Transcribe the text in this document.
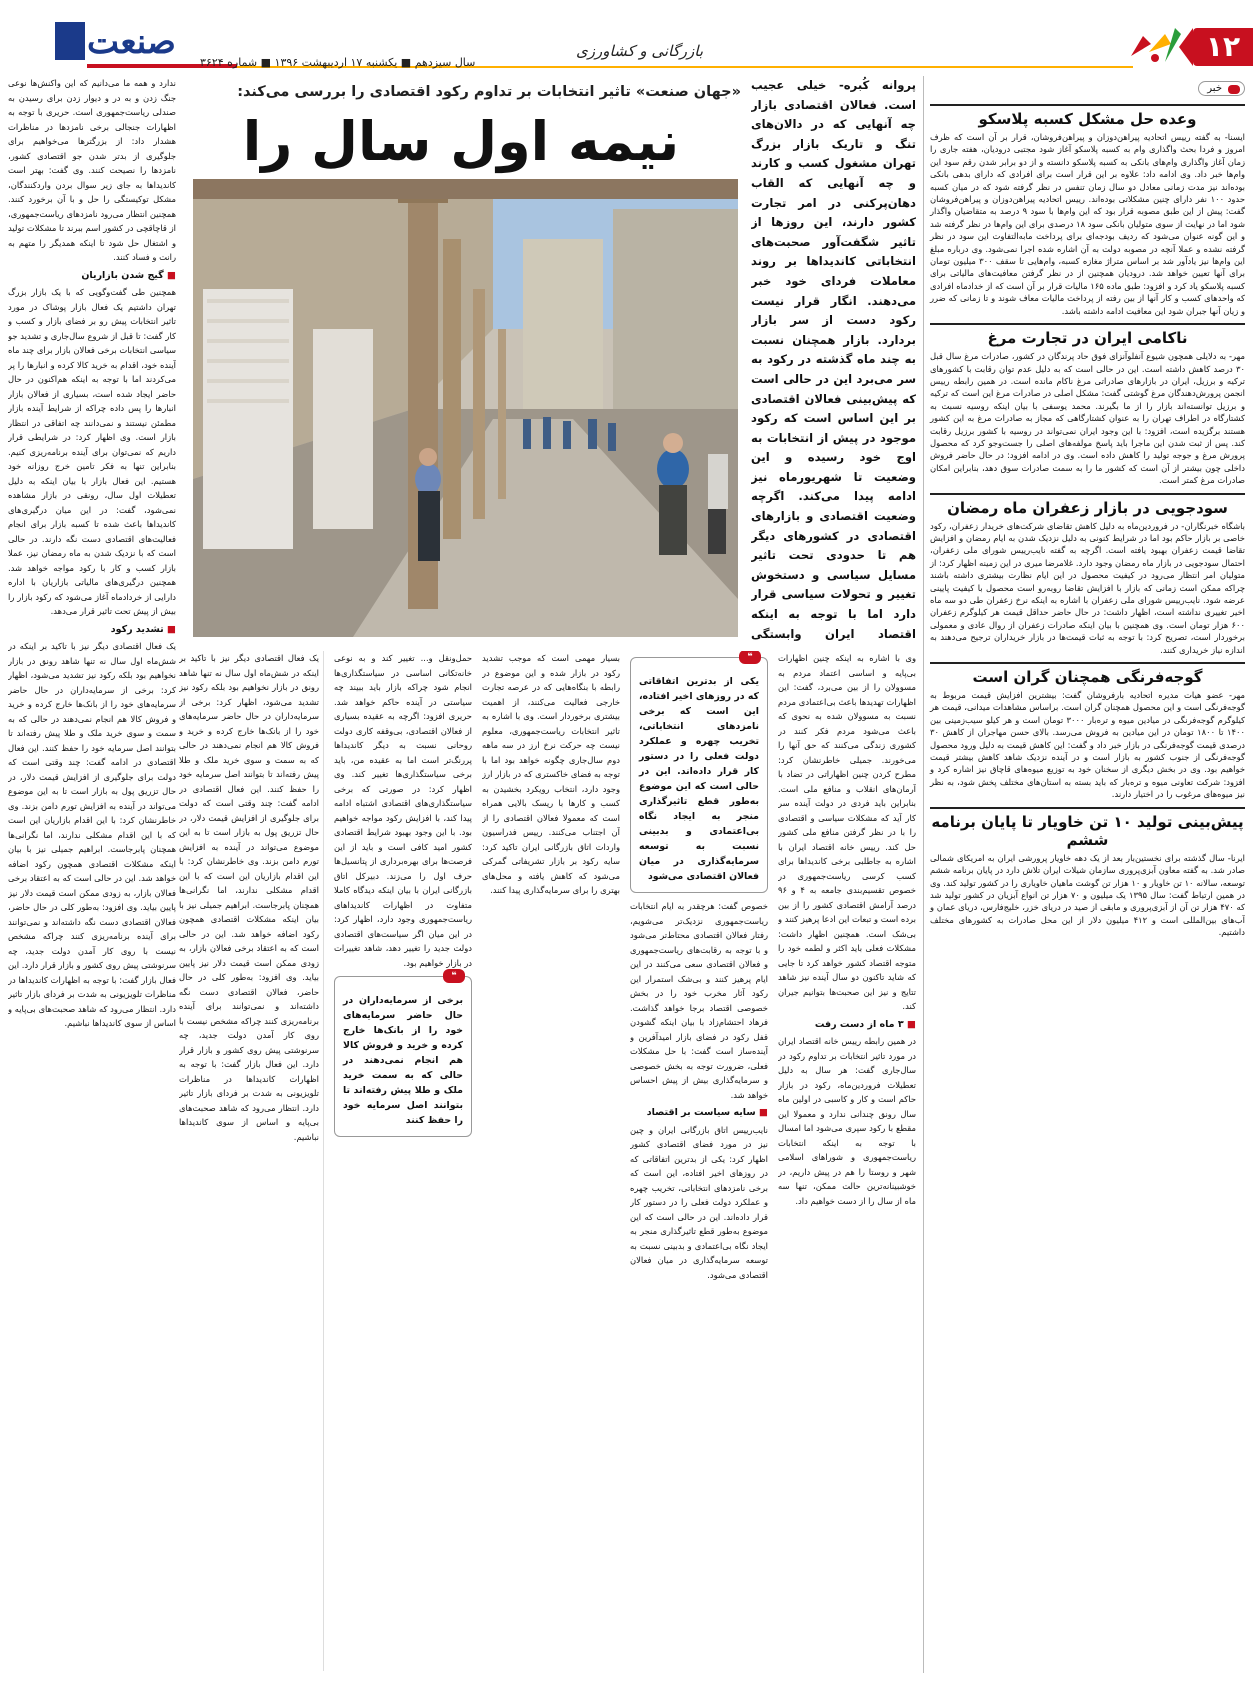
۱۲
بازرگانی و کشاورزی
صنعت
سال سیزدهم ■ یکشنبه ۱۷ اردیبهشت ۱۳۹۶ ■ شماره ۳۶۲۴
خبر
وعده حل مشکل کسبه پلاسکو

ایسنا- به گفته رییس اتحادیه پیراهن‌دوزان و پیراهن‌فروشان، قرار بر آن است که ظرف امروز و فردا بحث واگذاری وام به کسبه پلاسکو آغاز شود مجتبی درودیان، هفته جاری را زمان آغاز واگذاری وام‌های بانکی به کسبه پلاسکو دانسته و از دو برابر شدن رقم سود این وام‌ها خبر داد. وی ادامه داد: علاوه بر این قرار است برای افرادی که دارای بدهی بانکی بوده‌اند نیز مدت زمانی معادل دو سال زمان تنفس در نظر گرفته شود که در میان کسبه حدود ۱۰۰ نفر دارای چنین مشکلاتی بوده‌اند. رییس اتحادیه پیراهن‌دوزان و پیراهن‌فروشان گفت: پیش از این طبق مصوبه قرار بود که این وام‌ها با سود ۹ درصد به متقاضیان واگذار شود اما در نهایت از سوی متولیان بانکی سود ۱۸ درصدی برای این وام‌ها در نظر گرفته شد و این گونه عنوان می‌شود که ردیف بودجه‌ای برای پرداخت مابه‌التفاوت این سود در نظر گرفته نشده و عملا آنچه در مصوبه دولت به آن اشاره شده اجرا نمی‌شود. وی درباره مبلغ این وام‌ها نیز یادآور شد بر اساس متراژ مغازه کسبه، وام‌هایی تا سقف ۳۰۰ میلیون تومان برای آنها تعیین خواهد شد. درودیان همچنین از در نظر گرفتن معافیت‌های مالیاتی برای کسبه پلاسکو یاد کرد و افزود: طبق ماده ۱۶۵ مالیات قرار بر آن است که از خدادماه افرادی که واحدهای کسب و کار آنها از بین رفته از پرداخت مالیات معاف شوند و تا زمانی که ضرر و زیان آنها جبران شود این معافیت ادامه داشته باشد.

ناکامی ایران در تجارت مرغ

مهر- به دلایلی همچون شیوع آنفلوآنزای فوق حاد پرندگان در کشور، صادرات مرغ سال قبل ۳۰ درصد کاهش داشته است. این در حالی است که به دلیل عدم توان رقابت با کشورهای ترکیه و برزیل، ایران در بازارهای صادراتی مرغ ناکام مانده است. در همین رابطه رییس انجمن پرورش‌دهندگان مرغ گوشتی گفت: مشکل اصلی در صادرات مرغ این است که ترکیه و برزیل توانسته‌اند بازار را از ما بگیرند. محمد یوسفی با بیان اینکه روسیه نسبت به کشتارگاه در اطراف تهران را به عنوان کشتارگاهی که مجاز به صادرات مرغ به این کشور هستند برگزیده است، افزود: با این وجود ایران نمی‌تواند در روسیه با کشور برزیل رقابت کند. پس از ثبت شدن این ماجرا باید پاسخ مولفه‌های اصلی را جست‌وجو کرد که محصول پرورش مرغ و جوجه تولید را کاهش داده است. وی در ادامه افزود: در حال حاضر فروش داخلی چون بیشتر از آن است که کشور ما را به سمت صادرات سوق دهد، بنابراین امکان صادرات مرغ کمتر است.

سودجویی در بازار زعفران ماه رمضان

باشگاه خبرنگاران- در فروردین‌ماه به دلیل کاهش تقاضای شرکت‌های خریدار زعفران، رکود خاصی بر بازار حاکم بود اما در شرایط کنونی به دلیل نزدیک شدن به ایام رمضان و افزایش تقاضا قیمت زعفران بهبود یافته است. اگرچه به گفته نایب‌رییس شورای ملی زعفران، احتمال سودجویی در بازار ماه رمضان وجود دارد. غلامرضا میری در این زمینه اظهار کرد: از متولیان امر انتظار می‌رود در کیفیت محصول در این ایام نظارت بیشتری داشته باشند چراکه ممکن است زمانی که بازار با افزایش تقاضا روبه‌رو است محصول با کیفیت پایینی عرضه شود. نایب‌رییس شورای ملی زعفران با اشاره به اینکه نرخ زعفران طی دو سه ماه اخیر تغییری نداشته است، اظهار داشت: در حال حاضر حداقل قیمت هر کیلوگرم زعفران ۶۰۰ هزار تومان است. وی همچنین با بیان اینکه صادرات زعفران از روال عادی و معمولی برخوردار است، تصریح کرد: با توجه به ثبات قیمت‌ها در بازار خریداران ترجیح می‌دهند به اندازه نیاز خریداری کنند.

گوجه‌فرنگی همچنان گران است

مهر- عضو هیات مدیره اتحادیه بارفروشان گفت: بیشترین افزایش قیمت مربوط به گوجه‌فرنگی است و این محصول همچنان گران است. براساس مشاهدات میدانی، قیمت هر کیلوگرم گوجه‌فرنگی در میادین میوه و تره‌بار ۳۰۰۰ تومان است و هر کیلو سیب‌زمینی بین ۱۴۰۰ تا ۱۸۰۰ تومان در این میادین به فروش می‌رسد. بالای حسن مهاجران از کاهش ۳۰ درصدی قیمت گوجه‌فرنگی در بازار خبر داد و گفت: این کاهش قیمت به دلیل ورود محصول گوجه‌فرنگی از جنوب کشور به بازار است و در آینده نزدیک شاهد کاهش بیشتر قیمت خواهیم بود. وی در بخش دیگری از سخنان خود به توزیع میوه‌های قاچاق نیز اشاره کرد و افزود: شرکت تعاونی میوه و تره‌بار که باید بسته به استان‌های مختلف پخش شود، به نظر نیز میوه‌های مرغوب را در اختیار دارند.

پیش‌بینی تولید ۱۰ تن خاویار تا پایان برنامه ششم

ایرنا- سال گذشته برای نخستین‌بار بعد از یک دهه خاویار پرورشی ایران به امریکای شمالی صادر شد. به گفته معاون آبزی‌پروری سازمان شیلات ایران تلاش دارد در پایان برنامه ششم توسعه، سالانه ۱۰ تن خاویار و ۱۰ هزار تن گوشت ماهیان خاویاری را در کشور تولید کند. وی در همین ارتباط گفت: سال ۱۳۹۵ یک میلیون و ۷۰ هزار تن انواع آبزیان در کشور تولید شد که ۴۷۰ هزار تن آن از آبزی‌پروری و مابقی از صید در دریای خزر، خلیج‌فارس، دریای عمان و آب‌های بین‌المللی است و ۴۱۲ میلیون دلار از این محل صادرات به کشورهای مختلف داشتیم.

«جهان صنعت» تاثیر انتخابات بر تداوم رکود اقتصادی را بررسی می‌کند:
نیمه اول سال را
پروانه کُبره- خیلی عجیب است. فعالان اقتصادی بازار چه آنهایی که در دالان‌های تنگ و تاریک بازار بزرگ تهران مشغول کسب و کارند و چه آنهایی که القاب دهان‌پرکنی در امر تجارت کشور دارند، این روزها از تاثیر شگفت‌آور صحبت‌های انتخاباتی کاندیداها بر روند معاملات فردای خود خبر می‌دهند. انگار قرار نیست رکود دست از سر بازار بردارد. بازار همچنان نسبت به چند ماه گذشته در رکود به سر می‌برد این در حالی است که پیش‌بینی فعالان اقتصادی بر این اساس است که رکود موجود در پیش از انتخابات به اوج خود رسیده و این وضعیت تا شهریورماه نیز ادامه پیدا می‌کند. اگرچه وضعیت اقتصادی و بازارهای اقتصادی در کشورهای دیگر هم تا حدودی تحت تاثیر مسایل سیاسی و دستخوش تغییر و تحولات سیاسی قرار دارد اما با توجه به اینکه اقتصاد ایران وابستگی

ندارد و همه ما می‌دانیم که این واکنش‌ها نوعی جنگ زدن و به در و دیوار زدن برای رسیدن به صندلی ریاست‌جمهوری است. حریری با توجه به اظهارات جنجالی برخی نامزدها در مناظرات هشدار داد: از بزرگترها می‌خواهیم برای جلوگیری از بدتر شدن جو اقتصادی کشور، نامزدها را نصیحت کنند. وی گفت: بهتر است کاندیداها به جای زیر سوال بردن واردکنندگان، مشکل توکیستگی را حل و با آن برخورد کنند. همچنین انتظار می‌رود نامزدهای ریاست‌جمهوری، از قاچاقچی در کشور اسم ببرند تا مشکلات تولید و اشتغال حل شود تا اینکه همدیگر را متهم به رانت و فساد کنند.

■ گیج شدن بازاریان

همچنین طی گفت‌وگویی که با یک بازار بزرگ تهران داشتیم یک فعال بازار پوشاک در مورد تاثیر انتخابات پیش رو بر فضای بازار و کسب و کار گفت: تا قبل از شروع سال‌جاری و تشدید جو سیاسی انتخابات برخی فعالان بازار برای چند ماه آینده خود، اقدام به خرید کالا کرده و انبارها را پر می‌کردند اما با توجه به اینکه هم‌اکنون در حال حاضر ایجاد شده است، بسیاری از فعالان بازار انبارها را پس داده چراکه از شرایط آینده بازار مطمئن نیستند و نمی‌دانند چه اتفاقی در انتظار بازار است. وی اظهار کرد: در شرایطی قرار داریم که نمی‌توان برای آینده برنامه‌ریزی کنیم. بنابراین تنها به فکر تامین خرج روزانه خود هستیم. این فعال بازار با بیان اینکه به دلیل تعطیلات اول سال، رونقی در بازار مشاهده نمی‌شود، گفت: در این میان درگیری‌های کاندیداها باعث شده تا کسبه بازار برای انجام فعالیت‌های اقتصادی دست نگه دارند. در حالی است که با نزدیک شدن به ماه رمضان نیز، عملا بازار کسب و کار با رکود مواجه خواهد شد. همچنین درگیری‌های مالیاتی بازاریان با اداره دارایی از خردادماه آغاز می‌شود که رکود بازار را بیش از پیش تحت تاثیر قرار می‌دهد.

■ تشدید رکود

یک فعال اقتصادی دیگر نیز با تاکید بر اینکه در شش‌ماه اول سال نه تنها شاهد رونق در بازار نخواهیم بود بلکه رکود نیز تشدید می‌شود، اظهار کرد: برخی از سرمایه‌داران در حال حاضر سرمایه‌های خود را از بانک‌ها خارج کرده و خرید و فروش کالا هم انجام نمی‌دهند در حالی که به سمت و سوی خرید ملک و طلا پیش رفته‌اند تا بتوانند اصل سرمایه خود را حفظ کنند. این فعال اقتصادی در ادامه گفت: چند وقتی است که دولت برای جلوگیری از افزایش قیمت دلار، در حال تزریق پول به بازار است تا به این موضوع می‌تواند در آینده به افزایش تورم دامن بزند. وی خاطرنشان کرد: با این اقدام بازاریان این است که با این اقدام مشکلی ندارند، اما نگرانی‌ها همچنان پابرجاست. ابراهیم جمیلی نیز با بیان اینکه مشکلات اقتصادی همچون رکود اضافه خواهد شد. این در حالی است که به اعتقاد برخی فعالان بازار، به زودی ممکن است قیمت دلار نیز پایین بیاید. وی افزود: به‌طور کلی در حال حاضر، فعالان اقتصادی دست نگه داشته‌اند و نمی‌توانند برای آینده برنامه‌ریزی کنند چراکه مشخص نیست با روی کار آمدن دولت جدید، چه سرنوشتی پیش روی کشور و بازار قرار دارد. این فعال بازار گفت: با توجه به اظهارات کاندیداها در مناظرات تلویزیونی به شدت بر فردای بازار تاثیر دارد. انتظار می‌رود که شاهد صحبت‌های بی‌پایه و اساس از سوی کاندیداها نباشیم.

وی با اشاره به اینکه چنین اظهارات بی‌پایه و اساسی اعتماد مردم به مسوولان را از بین می‌برد، گفت: این اظهارات تهدیدها باعث بی‌اعتمادی مردم نسبت به مسوولان شده به نحوی که باعث می‌شود مردم فکر کنند در کشوری زندگی می‌کنند که حق آنها را می‌خورند. جمیلی خاطرنشان کرد: مطرح کردن چنین اظهاراتی در تضاد با آرمان‌های انقلاب و منافع ملی است. بنابراین باید فردی در دولت آینده سر کار آید که مشکلات سیاسی و اقتصادی را با در نظر گرفتن منافع ملی کشور حل کند. رییس خانه اقتصاد ایران با اشاره به جاطلبی برخی کاندیداها برای کسب کرسی ریاست‌جمهوری در خصوص تقسیم‌بندی جامعه به ۴ و ۹۶ درصد آرامش اقتصادی کشور را از بین برده است و تبعات این ادعا پرهیز کنند و بی‌شک است. همچنین اظهار داشت: مشکلات فعلی باید اکثر و لطمه خود را متوجه اقتصاد کشور خواهد کرد تا جایی که شاید تاکنون دو سال آینده نیز شاهد تتایج و نیز این صحبت‌ها بتوانیم جیران کند.

■ ۳ ماه از دست رفت

در همین رابطه رییس خانه اقتصاد ایران در مورد تاثیر انتخابات بر تداوم رکود در سال‌جاری گفت: هر سال به دلیل تعطیلات فروردین‌ماه، رکود در بازار حاکم است و کار و کاسبی در اولین ماه سال رونق چندانی ندارد و معمولا این مقطع با رکود سپری می‌شود اما امسال با توجه به اینکه انتخابات ریاست‌جمهوری و شوراهای اسلامی شهر و روستا را هم در پیش داریم، در خوشبینانه‌ترین حالت ممکن، تنها سه ماه از سال را از دست خواهیم داد.

❝
یکی از بدترین اتفاقاتی که در روزهای اخیر افتاده، این است که برخی نامزدهای انتخاباتی، تخریب چهره و عملکرد دولت فعلی را در دستور کار قرار داده‌اند. این در حالی است که این موضوع به‌طور قطع تاثیرگذاری منجر به ایجاد نگاه بی‌اعتمادی و بدبینی نسبت به توسعه سرمایه‌گذاری در میان فعالان اقتصادی می‌شود

خصوص گفت: هرچقدر به ایام انتخابات ریاست‌جمهوری نزدیک‌تر می‌شویم، رفتار فعالان اقتصادی محتاط‌تر می‌شود و با توجه به رقابت‌های ریاست‌جمهوری و فعالان اقتصادی سعی می‌کنند در این ایام پرهیز کنند و بی‌شک استمرار این رکود آثار مخرب خود را در بخش خصوصی اقتصاد برجا خواهد گذاشت. فرهاد احتشام‌زاد با بیان اینکه گشودن قفل رکود در فضای بازار امیدآفرین و آینده‌ساز است گفت: با حل مشکلات فعلی، ضرورت توجه به بخش خصوصی و سرمایه‌گذاری بیش از پیش احساس خواهد شد.

■ سایه سیاست بر اقتصاد

نایب‌رییس اتاق بازرگانی ایران و چین نیز در مورد فضای اقتصادی کشور اظهار کرد: یکی از بدترین اتفاقاتی که در روزهای اخیر افتاده، این است که برخی نامزدهای انتخاباتی، تخریب چهره و عملکرد دولت فعلی را در دستور کار قرار داده‌اند. این در حالی است که این موضوع به‌طور قطع تاثیرگذاری منجر به ایجاد نگاه بی‌اعتمادی و بدبینی نسبت به توسعه سرمایه‌گذاری در میان فعالان اقتصادی می‌شود.

بسیار مهمی است که موجب تشدید رکود در بازار شده و این موضوع در رابطه با بنگاه‌هایی که در عرصه تجارت خارجی فعالیت می‌کنند، از اهمیت بیشتری برخوردار است. وی با اشاره به تاثیر انتخابات ریاست‌جمهوری، معلوم نیست چه حرکت نرخ ارز در سه ماهه دوم سال‌جاری چگونه خواهد بود اما با توجه به فضای خاکستری که در بازار ارز وجود دارد، انتخاب رویکرد بخشیدن به کسب و کارها با ریسک بالایی همراه است که معمولا فعالان اقتصادی را از آن اجتناب می‌کنند. رییس فدراسیون واردات اتاق بازرگانی ایران تاکید کرد: سایه رکود بر بازار تشریفاتی گمرکی می‌شود که کاهش یافته و محل‌های بهتری را برای سرمایه‌گذاری پیدا کنند.

حمل‌ونقل و... تغییر کند و به نوعی خانه‌تکانی اساسی در سیاستگذاری‌ها انجام شود چراکه بازار باید ببیند چه سیاستی در آینده حاکم خواهد شد. حریری افزود: اگرچه به عقیده بسیاری از فعالان اقتصادی، بی‌وقفه کاری دولت روحانی نسبت به دیگر کاندیداها پررنگ‌تر است اما به عقیده من، باید برخی سیاستگذاری‌ها تغییر کند. وی اظهار کرد: در صورتی که برخی سیاستگذاری‌های اقتصادی اشتباه ادامه پیدا کند، با افزایش رکود مواجه خواهیم بود. با این وجود بهبود شرایط اقتصادی کشور امید کافی است و باید از این فرصت‌ها برای بهره‌برداری از پتانسیل‌ها حرف اول را می‌زند. دبیرکل اتاق بازرگانی ایران با بیان اینکه دیدگاه کاملا متفاوت در اظهارات کاندیداهای ریاست‌جمهوری وجود دارد، اظهار کرد: در این میان اگر سیاست‌های اقتصادی دولت جدید را تغییر دهد، شاهد تغییرات در بازار خواهیم بود.

❝
برخی از سرمایه‌داران در حال حاضر سرمایه‌های خود را از بانک‌ها خارج کرده و خرید و فروش کالا هم انجام نمی‌دهند در حالی که به سمت خرید ملک و طلا پیش رفته‌اند تا بتوانند اصل سرمایه خود را حفظ کنند

یک فعال اقتصادی دیگر نیز با تاکید بر اینکه در شش‌ماه اول سال نه تنها شاهد رونق در بازار نخواهیم بود بلکه رکود نیز تشدید می‌شود، اظهار کرد: برخی از سرمایه‌داران در حال حاضر سرمایه‌های خود را از بانک‌ها خارج کرده و خرید و فروش کالا هم انجام نمی‌دهند در حالی که به سمت و سوی خرید ملک و طلا پیش رفته‌اند تا بتوانند اصل سرمایه خود را حفظ کنند. این فعال اقتصادی در ادامه گفت: چند وقتی است که دولت برای جلوگیری از افزایش قیمت دلار، در حال تزریق پول به بازار است تا به این موضوع می‌تواند در آینده به افزایش تورم دامن بزند. وی خاطرنشان کرد: با این اقدام بازاریان این است که با این اقدام مشکلی ندارند، اما نگرانی‌ها همچنان پابرجاست. ابراهیم جمیلی نیز با بیان اینکه مشکلات اقتصادی همچون رکود اضافه خواهد شد. این در حالی است که به اعتقاد برخی فعالان بازار، به زودی ممکن است قیمت دلار نیز پایین بیاید. وی افزود: به‌طور کلی در حال حاضر، فعالان اقتصادی دست نگه داشته‌اند و نمی‌توانند برای آینده برنامه‌ریزی کنند چراکه مشخص نیست با روی کار آمدن دولت جدید، چه سرنوشتی پیش روی کشور و بازار قرار دارد. این فعال بازار گفت: با توجه به اظهارات کاندیداها در مناظرات تلویزیونی به شدت بر فردای بازار تاثیر دارد. انتظار می‌رود که شاهد صحبت‌های بی‌پایه و اساس از سوی کاندیداها نباشیم.
